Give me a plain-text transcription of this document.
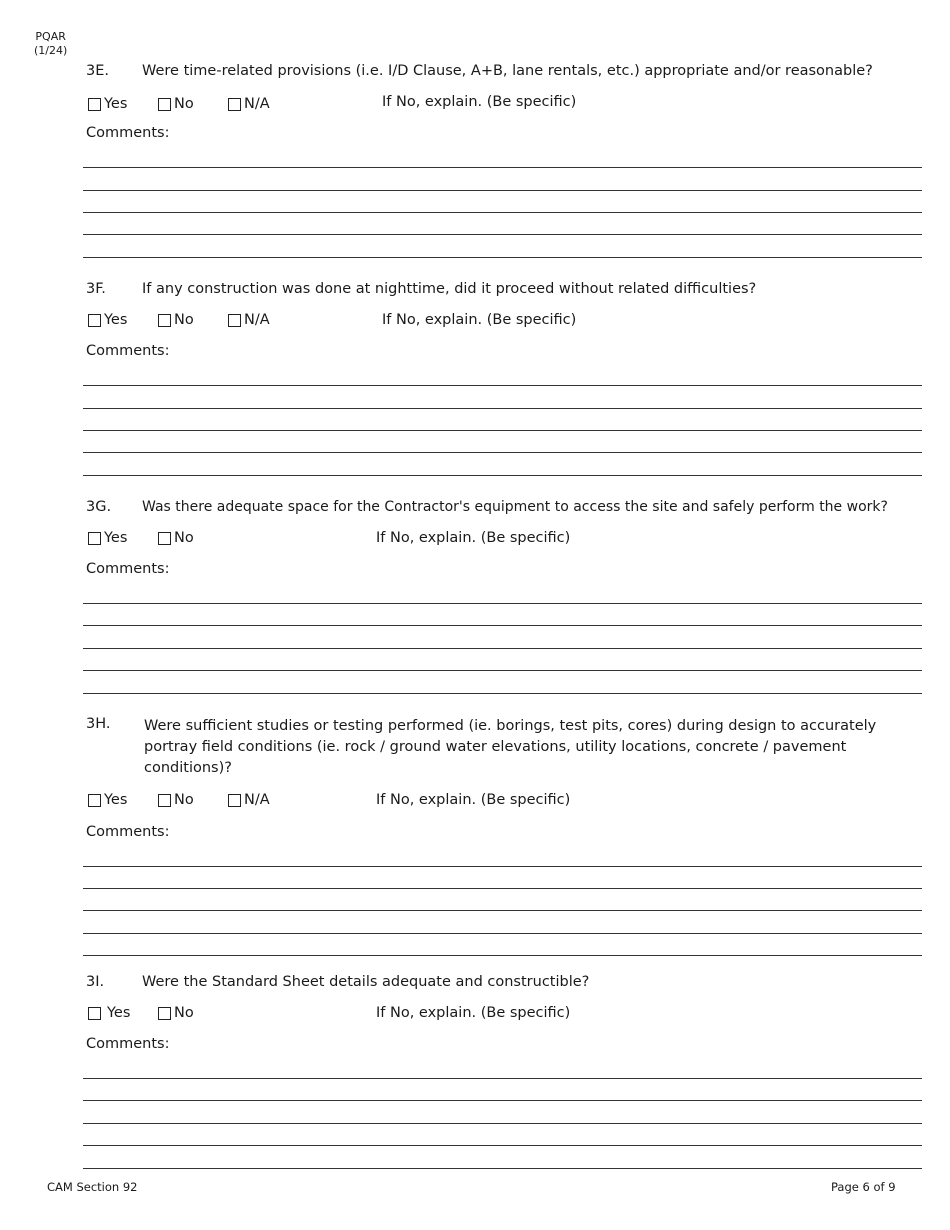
PQAR
(1/24)
3E. Were time-related provisions (i.e. I/D Clause, A+B, lane rentals, etc.) appropriate and/or reasonable?
Yes	No	N/A	If No, explain. (Be specific)
Comments:
3F. If any construction was done at nighttime, did it proceed without related difficulties?
Yes	No	N/A	If No, explain. (Be specific)
Comments:
3G. Was there adequate space for the Contractor's equipment to access the site and safely perform the work?
Yes	No	If No, explain. (Be specific)
Comments:
3H. Were sufficient studies or testing performed (ie. borings, test pits, cores) during design to accurately portray field conditions (ie. rock / ground water elevations, utility locations, concrete / pavement conditions)?
Yes	No	N/A	If No, explain. (Be specific)
Comments:
3I.	Were the Standard Sheet details adequate and constructible?
Yes	No	If No, explain. (Be specific)
Comments:
CAM Section 92	Page 6 of 9
